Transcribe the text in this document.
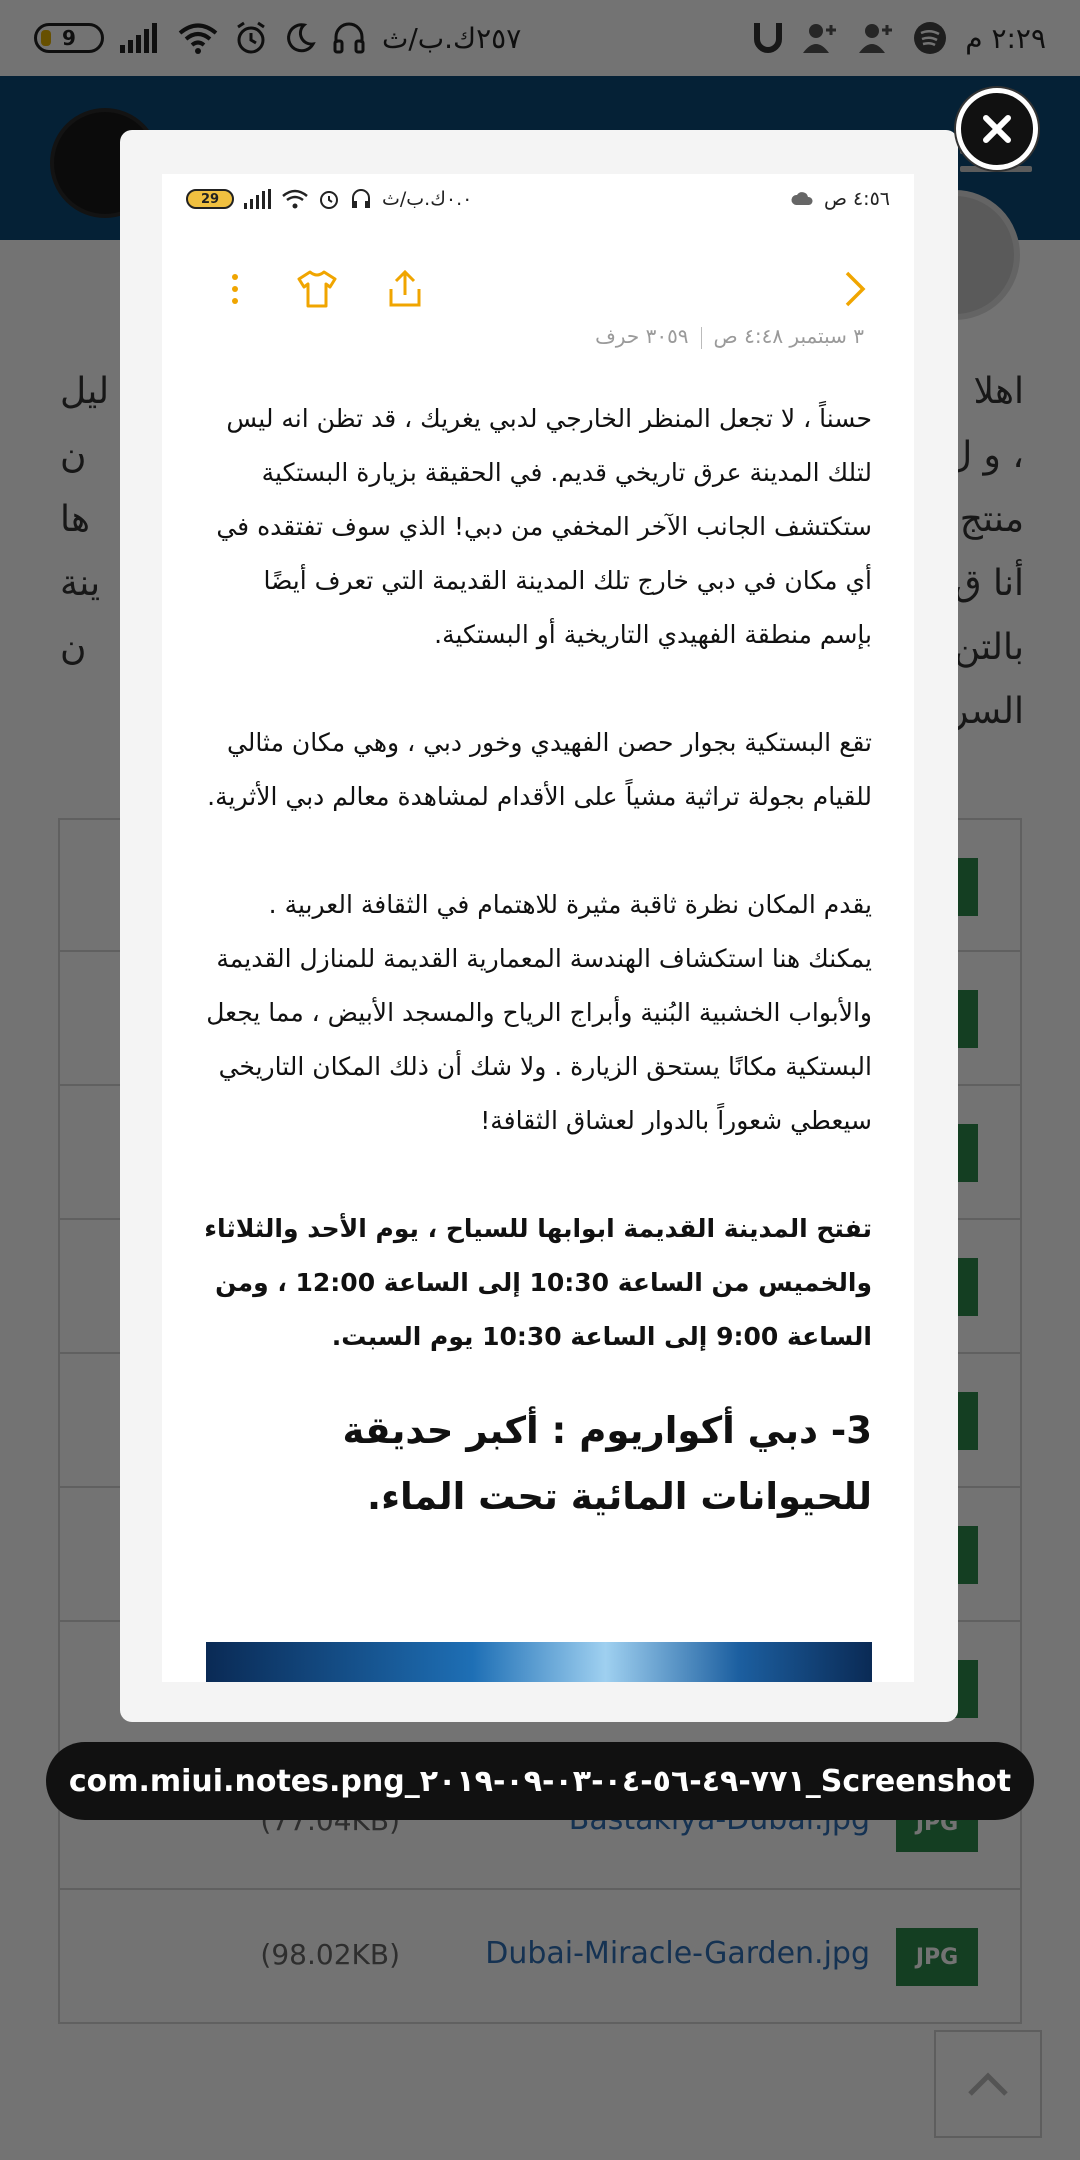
29	٠.٠ك.ب/ث	٤:٥٦ ص
٣ سبتمبر ٤:٤٨ ص٣٠٥٩ حرف

حسناً ، لا تجعل المنظر الخارجي لدبي يغريك ، قد تظن انه ليس لتلك المدينة عرق تاريخي قديم. في الحقيقة بزيارة البستكية ستكتشف الجانب الآخر المخفي من دبي! الذي سوف تفتقده في أي مكان في دبي خارج تلك المدينة القديمة التي تعرف أيضًا بإسم منطقة الفهيدي التاريخية أو البستكية.

تقع البستكية بجوار حصن الفهيدي وخور دبي ، وهي مكان مثالي للقيام بجولة تراثية مشياً على الأقدام لمشاهدة معالم دبي الأثرية.

يقدم المكان نظرة ثاقبة مثيرة للاهتمام في الثقافة العربية . يمكنك هنا استكشاف الهندسة المعمارية القديمة للمنازل القديمة والأبواب الخشبية البُنية وأبراج الرياح والمسجد الأبيض ، مما يجعل البستكية مكانًا يستحق الزيارة . ولا شك أن ذلك المكان التاريخي سيعطي شعوراً بالدوار لعشاق الثقافة!

تفتح المدينة القديمة ابوابها للسياح ، يوم الأحد والثلاثاء والخميس من الساعة 10:30 إلى الساعة 12:00 ، ومن الساعة 9:00 إلى الساعة 10:30 يوم السبت.

3- دبي أكواريوم : أكبر حديقة للحيوانات المائية تحت الماء.
com.miui.notes.png_٧٧١-٤٩-٥٦-٠٤-٠٣-٠٩-٢٠١٩_Screenshot
